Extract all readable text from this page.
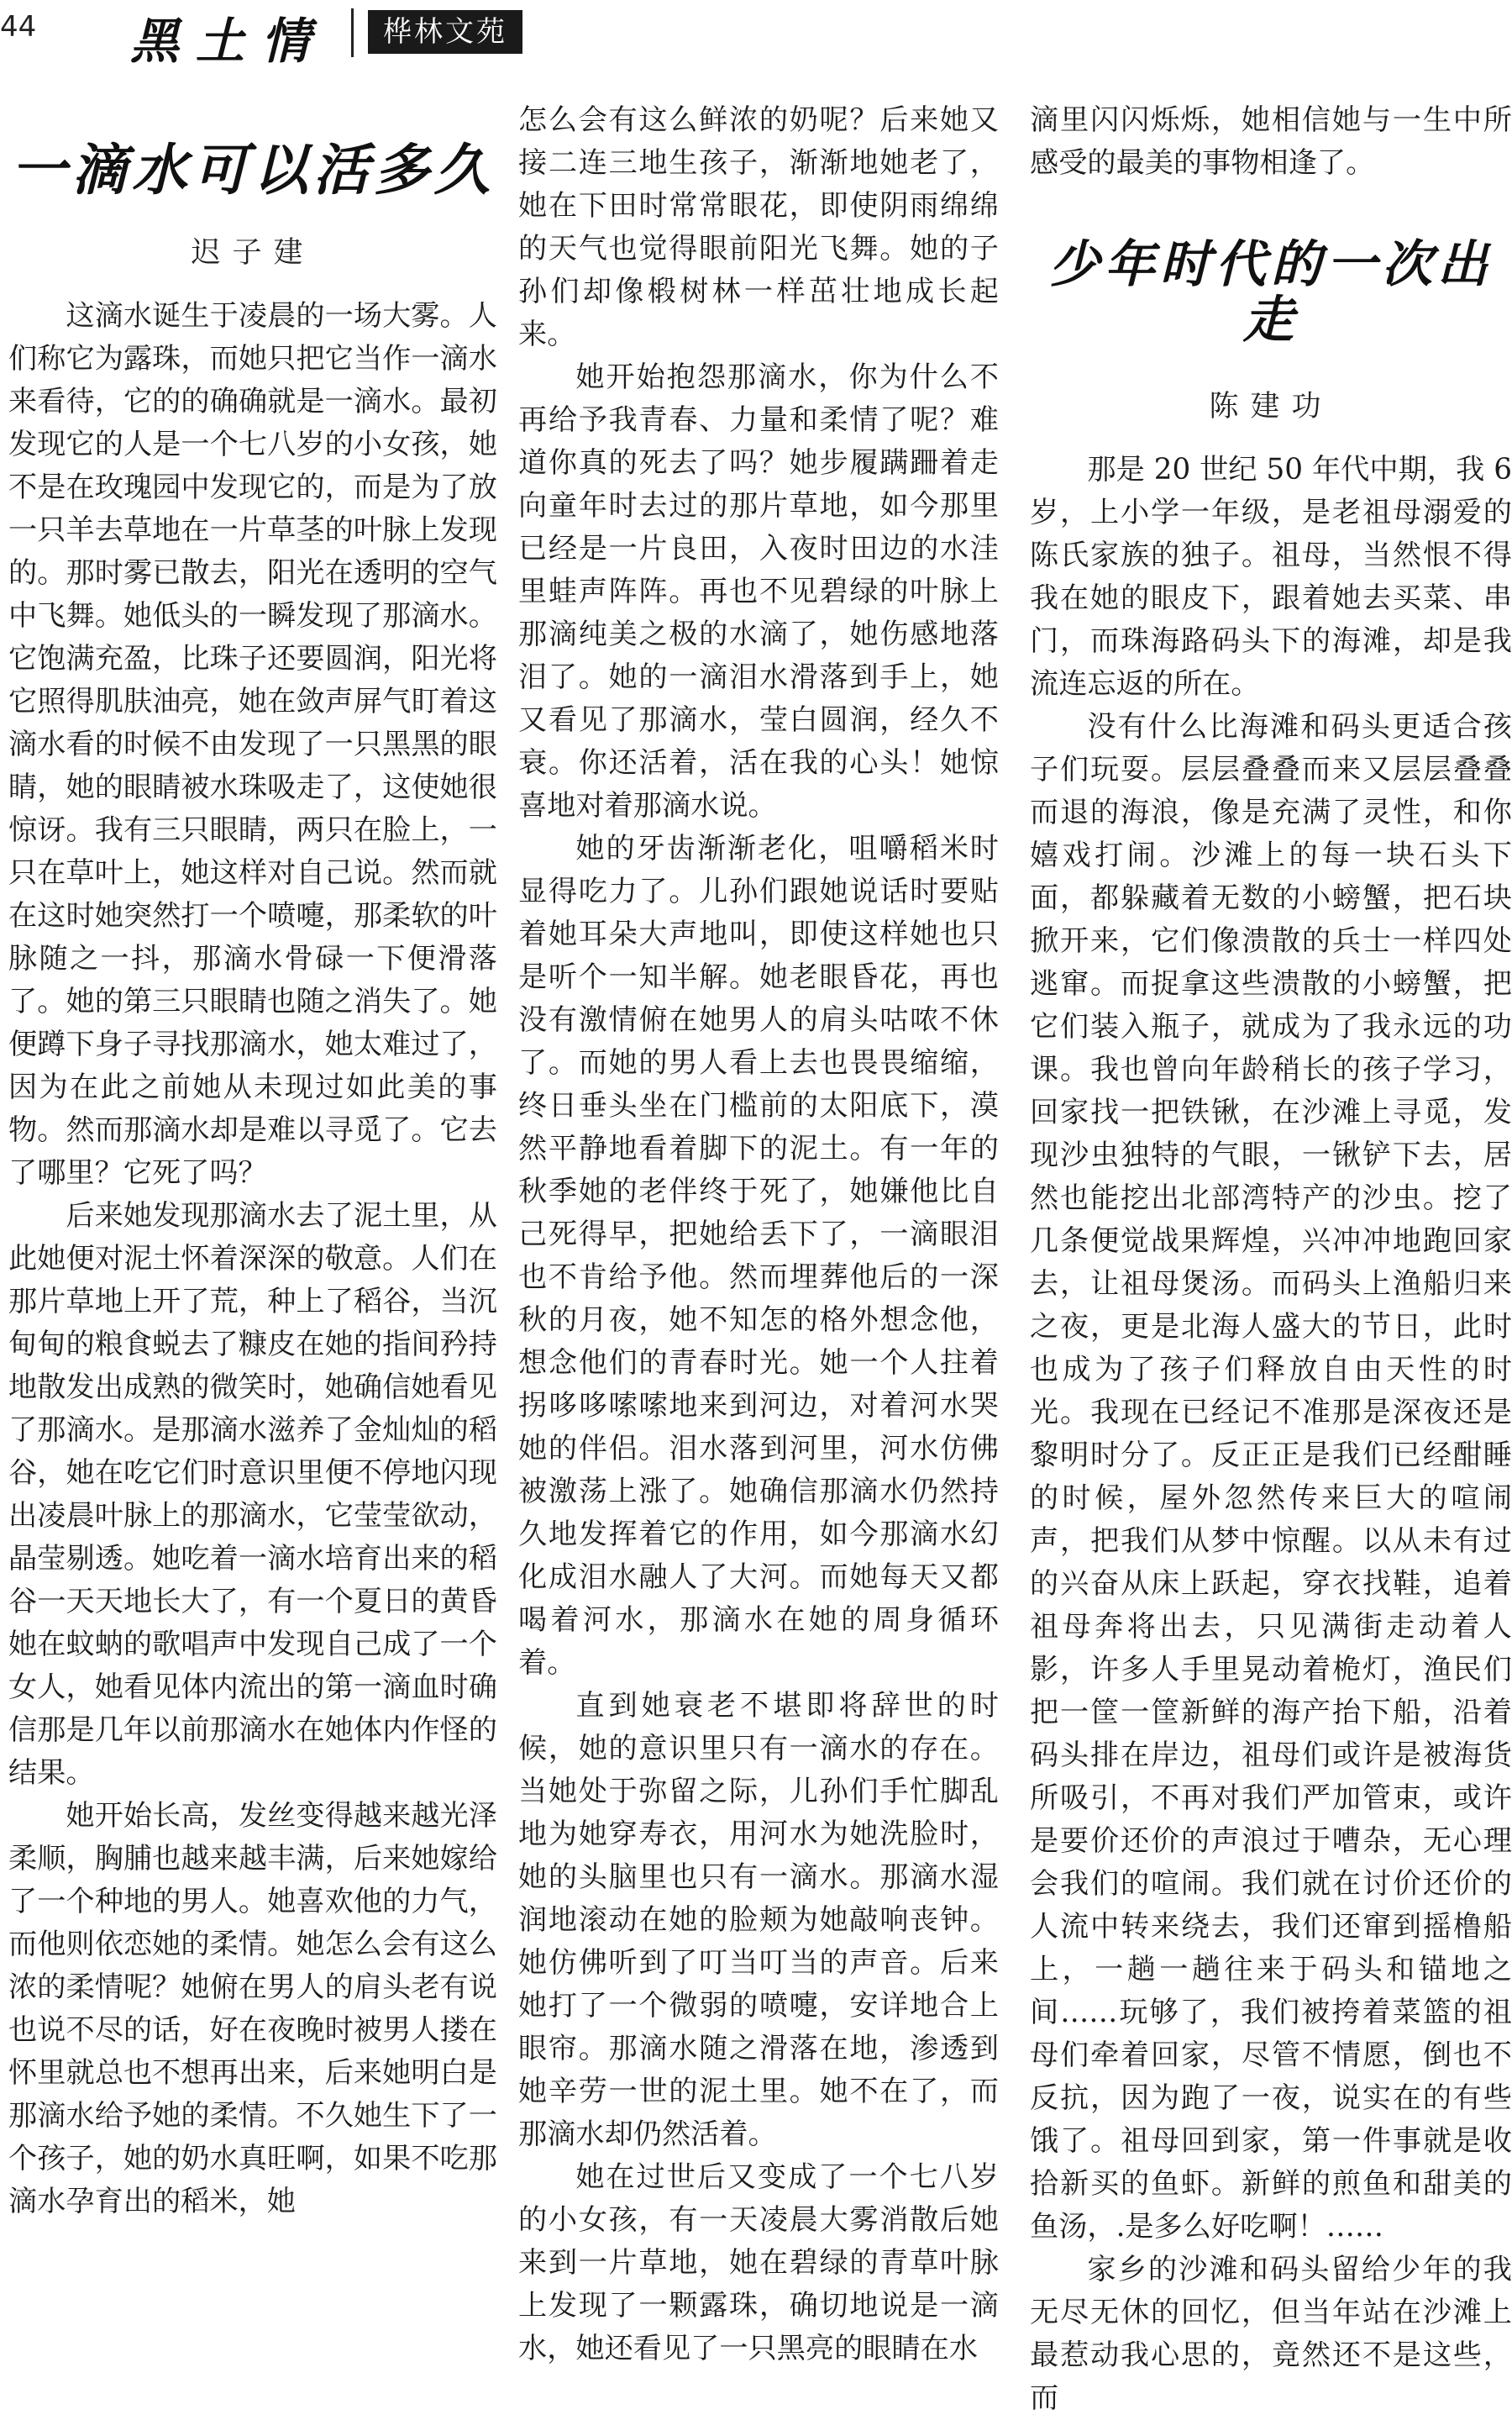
44 黑土情	桦林文苑
一滴水可以活多久
迟子建

这滴水诞生于凌晨的一场大雾。人们称它为露珠，而她只把它当作一滴水来看待，它的的确确就是一滴水。最初发现它的人是一个七八岁的小女孩，她不是在玫瑰园中发现它的，而是为了放一只羊去草地在一片草茎的叶脉上发现的。那时雾已散去，阳光在透明的空气中飞舞。她低头的一瞬发现了那滴水。它饱满充盈，比珠子还要圆润，阳光将它照得肌肤油亮，她在敛声屏气盯着这滴水看的时候不由发现了一只黑黑的眼睛，她的眼睛被水珠吸走了，这使她很惊讶。我有三只眼睛，两只在脸上，一只在草叶上，她这样对自己说。然而就在这时她突然打一个喷嚏，那柔软的叶脉随之一抖，那滴水骨碌一下便滑落了。她的第三只眼睛也随之消失了。她便蹲下身子寻找那滴水，她太难过了，因为在此之前她从未现过如此美的事物。然而那滴水却是难以寻觅了。它去了哪里？它死了吗？

后来她发现那滴水去了泥土里，从此她便对泥土怀着深深的敬意。人们在那片草地上开了荒，种上了稻谷，当沉甸甸的粮食蜕去了糠皮在她的指间矜持地散发出成熟的微笑时，她确信她看见了那滴水。是那滴水滋养了金灿灿的稻谷，她在吃它们时意识里便不停地闪现出凌晨叶脉上的那滴水，它莹莹欲动，晶莹剔透。她吃着一滴水培育出来的稻谷一天天地长大了，有一个夏日的黄昏她在蚊蚋的歌唱声中发现自己成了一个女人，她看见体内流出的第一滴血时确信那是几年以前那滴水在她体内作怪的结果。

她开始长高，发丝变得越来越光泽柔顺，胸脯也越来越丰满，后来她嫁给了一个种地的男人。她喜欢他的力气，而他则依恋她的柔情。她怎么会有这么浓的柔情呢？她俯在男人的肩头老有说也说不尽的话，好在夜晚时被男人搂在怀里就总也不想再出来，后来她明白是那滴水给予她的柔情。不久她生下了一个孩子，她的奶水真旺啊，如果不吃那滴水孕育出的稻米，她

怎么会有这么鲜浓的奶呢？后来她又接二连三地生孩子，渐渐地她老了，她在下田时常常眼花，即使阴雨绵绵的天气也觉得眼前阳光飞舞。她的子孙们却像椴树林一样茁壮地成长起来。

她开始抱怨那滴水，你为什么不再给予我青春、力量和柔情了呢？难道你真的死去了吗？她步履蹒跚着走向童年时去过的那片草地，如今那里已经是一片良田，入夜时田边的水洼里蛙声阵阵。再也不见碧绿的叶脉上那滴纯美之极的水滴了，她伤感地落泪了。她的一滴泪水滑落到手上，她又看见了那滴水，莹白圆润，经久不衰。你还活着，活在我的心头！她惊喜地对着那滴水说。

她的牙齿渐渐老化，咀嚼稻米时显得吃力了。儿孙们跟她说话时要贴着她耳朵大声地叫，即使这样她也只是听个一知半解。她老眼昏花，再也没有激情俯在她男人的肩头咕哝不休了。而她的男人看上去也畏畏缩缩，终日垂头坐在门槛前的太阳底下，漠然平静地看着脚下的泥土。有一年的秋季她的老伴终于死了，她嫌他比自己死得早，把她给丢下了，一滴眼泪也不肯给予他。然而埋葬他后的一深秋的月夜，她不知怎的格外想念他，想念他们的青春时光。她一个人拄着拐哆哆嗦嗦地来到河边，对着河水哭她的伴侣。泪水落到河里，河水仿佛被激荡上涨了。她确信那滴水仍然持久地发挥着它的作用，如今那滴水幻化成泪水融人了大河。而她每天又都喝着河水，那滴水在她的周身循环着。

直到她衰老不堪即将辞世的时候，她的意识里只有一滴水的存在。当她处于弥留之际，儿孙们手忙脚乱地为她穿寿衣，用河水为她洗脸时，她的头脑里也只有一滴水。那滴水湿润地滚动在她的脸颊为她敲响丧钟。她仿佛听到了叮当叮当的声音。后来她打了一个微弱的喷嚏，安详地合上眼帘。那滴水随之滑落在地，渗透到她辛劳一世的泥土里。她不在了，而那滴水却仍然活着。

她在过世后又变成了一个七八岁的小女孩，有一天凌晨大雾消散后她来到一片草地，她在碧绿的青草叶脉上发现了一颗露珠，确切地说是一滴水，她还看见了一只黑亮的眼睛在水

滴里闪闪烁烁，她相信她与一生中所感受的最美的事物相逢了。

少年时代的一次出走
陈建功

那是 20 世纪 50 年代中期，我 6 岁，上小学一年级，是老祖母溺爱的陈氏家族的独子。祖母，当然恨不得我在她的眼皮下，跟着她去买菜、串门，而珠海路码头下的海滩，却是我流连忘返的所在。

没有什么比海滩和码头更适合孩子们玩耍。层层叠叠而来又层层叠叠而退的海浪，像是充满了灵性，和你嬉戏打闹。沙滩上的每一块石头下面，都躲藏着无数的小螃蟹，把石块掀开来，它们像溃散的兵士一样四处逃窜。而捉拿这些溃散的小螃蟹，把它们装入瓶子，就成为了我永远的功课。我也曾向年龄稍长的孩子学习，回家找一把铁锹，在沙滩上寻觅，发现沙虫独特的气眼，一锹铲下去，居然也能挖出北部湾特产的沙虫。挖了几条便觉战果辉煌，兴冲冲地跑回家去，让祖母煲汤。而码头上渔船归来之夜，更是北海人盛大的节日，此时也成为了孩子们释放自由天性的时光。我现在已经记不准那是深夜还是黎明时分了。反正正是我们已经酣睡的时候，屋外忽然传来巨大的喧闹声，把我们从梦中惊醒。以从未有过的兴奋从床上跃起，穿衣找鞋，追着祖母奔将出去，只见满街走动着人影，许多人手里晃动着桅灯，渔民们把一筐一筐新鲜的海产抬下船，沿着码头排在岸边，祖母们或许是被海货所吸引，不再对我们严加管束，或许是要价还价的声浪过于嘈杂，无心理会我们的喧闹。我们就在讨价还价的人流中转来绕去，我们还窜到摇橹船上，一趟一趟往来于码头和锚地之间……玩够了，我们被挎着菜篮的祖母们牵着回家，尽管不情愿，倒也不反抗，因为跑了一夜，说实在的有些饿了。祖母回到家，第一件事就是收拾新买的鱼虾。新鲜的煎鱼和甜美的鱼汤，.是多么好吃啊！……

家乡的沙滩和码头留给少年的我无尽无休的回忆，但当年站在沙滩上最惹动我心思的，竟然还不是这些，而
